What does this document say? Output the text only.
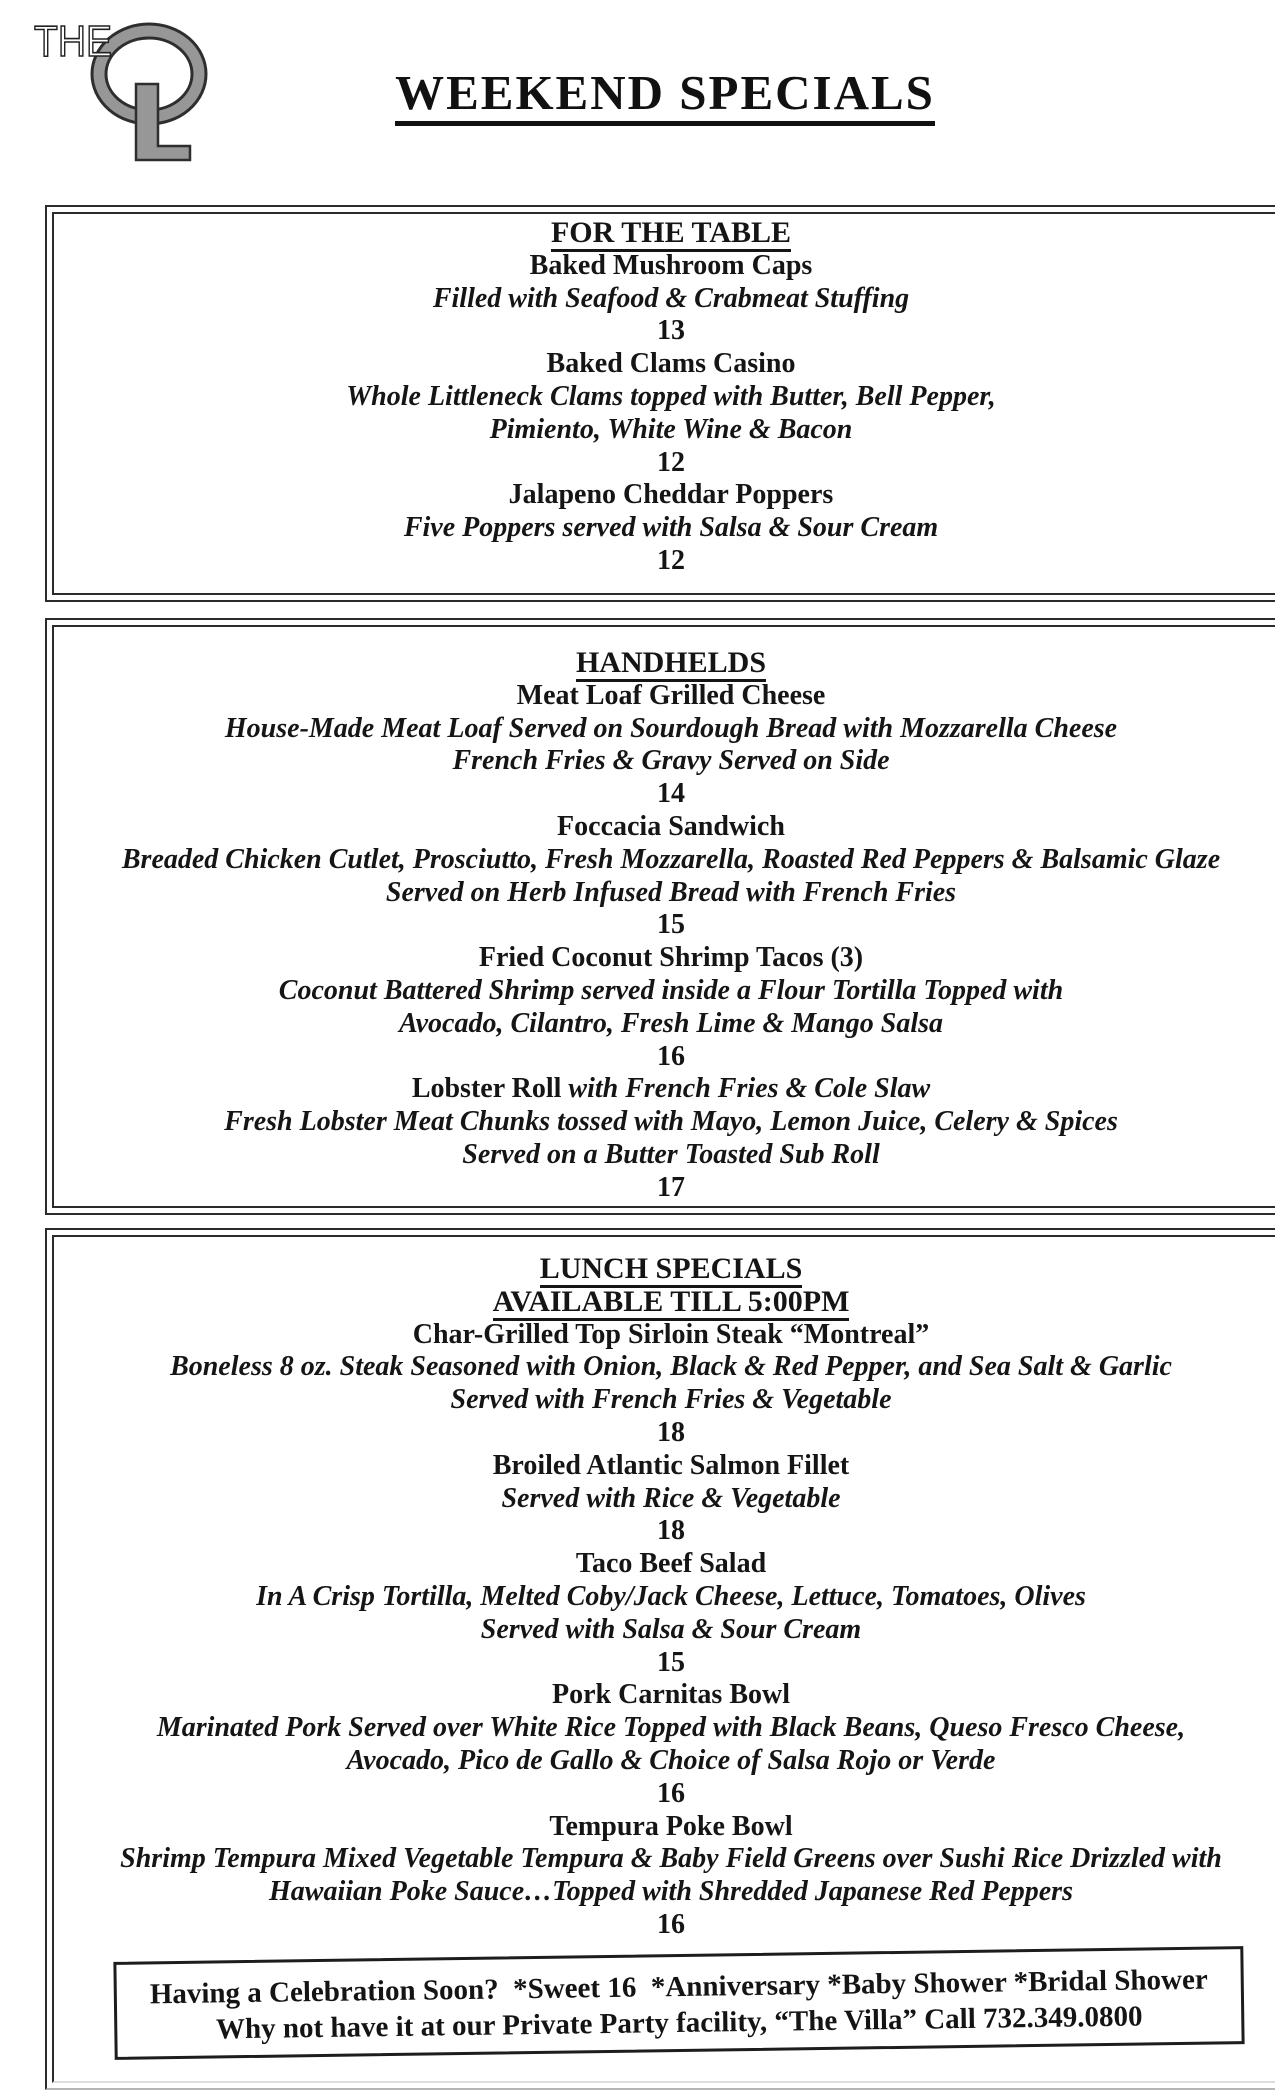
THE
WEEKEND SPECIALS
FOR THE TABLE
Baked Mushroom Caps
Filled with Seafood & Crabmeat Stuffing
13
Baked Clams Casino
Whole Littleneck Clams topped with Butter, Bell Pepper,
Pimiento, White Wine & Bacon
12
Jalapeno Cheddar Poppers
Five Poppers served with Salsa & Sour Cream
12
HANDHELDS
Meat Loaf Grilled Cheese
House-Made Meat Loaf Served on Sourdough Bread with Mozzarella Cheese
French Fries & Gravy Served on Side
14
Foccacia Sandwich
Breaded Chicken Cutlet, Prosciutto, Fresh Mozzarella, Roasted Red Peppers & Balsamic Glaze
Served on Herb Infused Bread with French Fries
15
Fried Coconut Shrimp Tacos (3)
Coconut Battered Shrimp served inside a Flour Tortilla Topped with
Avocado, Cilantro, Fresh Lime & Mango Salsa
16
Lobster Roll with French Fries & Cole Slaw
Fresh Lobster Meat Chunks tossed with Mayo, Lemon Juice, Celery & Spices
Served on a Butter Toasted Sub Roll
17
LUNCH SPECIALS
AVAILABLE TILL 5:00PM
Char-Grilled Top Sirloin Steak “Montreal”
Boneless 8 oz. Steak Seasoned with Onion, Black & Red Pepper, and Sea Salt & Garlic
Served with French Fries & Vegetable
18
Broiled Atlantic Salmon Fillet
Served with Rice & Vegetable
18
Taco Beef Salad
In A Crisp Tortilla, Melted Coby/Jack Cheese, Lettuce, Tomatoes, Olives
Served with Salsa & Sour Cream
15
Pork Carnitas Bowl
Marinated Pork Served over White Rice Topped with Black Beans, Queso Fresco Cheese,
Avocado, Pico de Gallo & Choice of Salsa Rojo or Verde
16
Tempura Poke Bowl
Shrimp Tempura Mixed Vegetable Tempura & Baby Field Greens over Sushi Rice Drizzled with
Hawaiian Poke Sauce…Topped with Shredded Japanese Red Peppers
16
Having a Celebration Soon?  *Sweet 16  *Anniversary *Baby Shower *Bridal Shower
Why not have it at our Private Party facility, “The Villa” Call 732.349.0800
